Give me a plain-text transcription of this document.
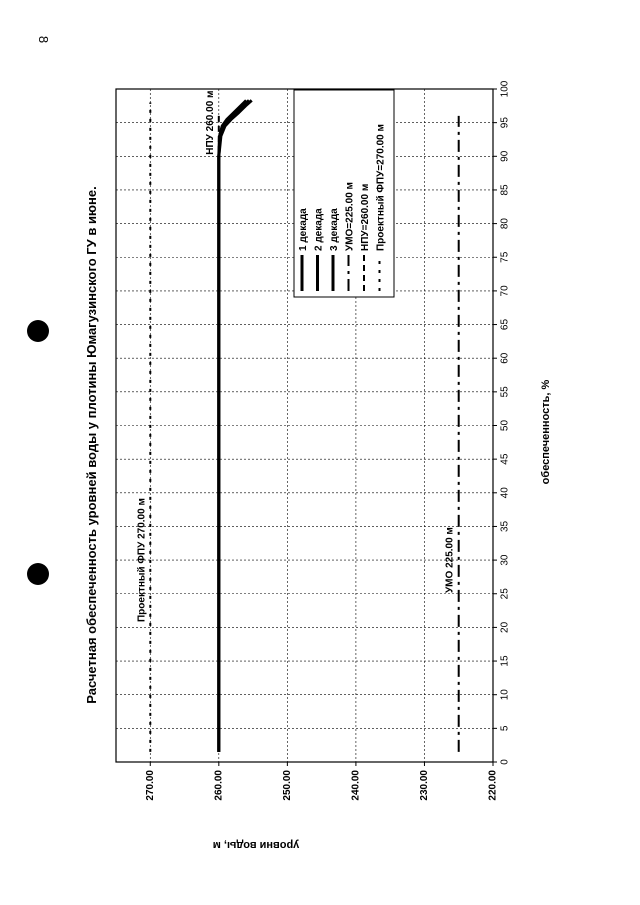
8
0
5
10
15
20
25
30
35
40
45
50
55
60
65
70
75
80
85
90
95
100
220.00
230.00
240.00
250.00
260.00
270.00
НПУ 260.00 м
Проектный ФПУ 270.00 м	УМО 225.00 м
1 декада 2 декада 3 декада УМО=225.00 м НПУ=260.00 м Проектный ФПУ=270.00 м
Расчетная обеспеченность уровней воды у плотины Юмагузинского ГУ в июне.	обеспеченность, %
уровни воды, м
